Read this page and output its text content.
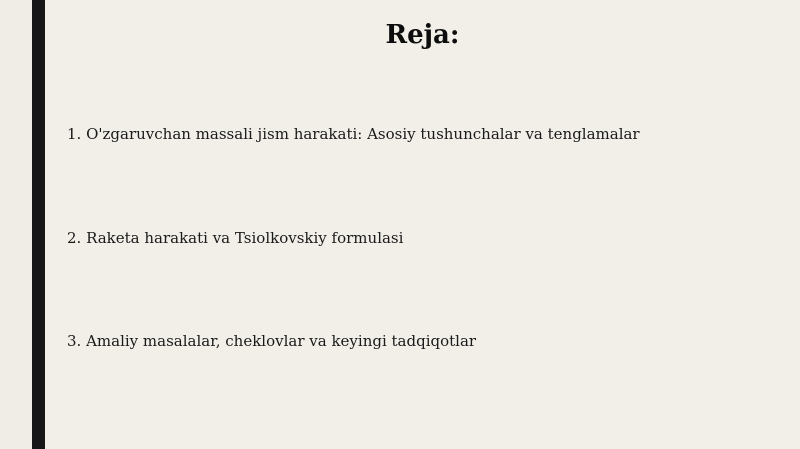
Reja:
1. O'zgaruvchan massali jism harakati: Asosiy tushunchalar va tenglamalar
2. Raketa harakati va Tsiolkovskiy formulasi
3. Amaliy masalalar, cheklovlar va keyingi tadqiqotlar
